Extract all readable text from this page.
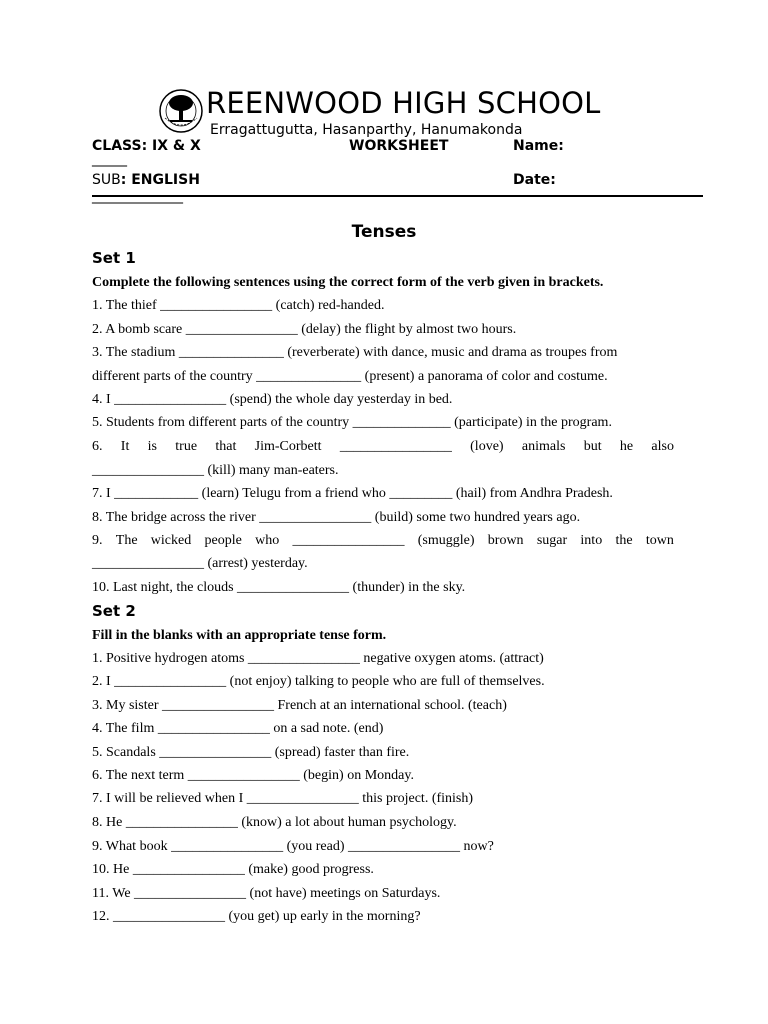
REENWOOD HIGH SCHOOL
Erragattugutta, Hasanparthy, Hanumakonda
CLASS: IX & X	WORKSHEET	Name:
_____
SUB: ENGLISH	Date:
_____________
Tenses
Set 1
Complete the following sentences using the correct form of the verb given in brackets.
1. The thief ________________ (catch) red-handed.
2. A bomb scare ________________ (delay) the flight by almost two hours.
3. The stadium _______________ (reverberate) with dance, music and drama as troupes from
different parts of the country _______________ (present) a panorama of color and costume.
4. I ________________ (spend) the whole day yesterday in bed.
5. Students from different parts of the country ______________ (participate) in the program.
6. It is true that Jim-Corbett ________________ (love) animals but he also
________________ (kill) many man-eaters.
7. I ____________ (learn) Telugu from a friend who _________ (hail) from Andhra Pradesh.
8. The bridge across the river ________________ (build) some two hundred years ago.
9. The wicked people who ________________ (smuggle) brown sugar into the town
________________ (arrest) yesterday.
10. Last night, the clouds ________________ (thunder) in the sky.
Set 2
Fill in the blanks with an appropriate tense form.
1. Positive hydrogen atoms ________________ negative oxygen atoms. (attract)
2. I ________________ (not enjoy) talking to people who are full of themselves.
3. My sister ________________ French at an international school. (teach)
4. The film ________________ on a sad note. (end)
5. Scandals ________________ (spread) faster than fire.
6. The next term ________________ (begin) on Monday.
7. I will be relieved when I ________________ this project. (finish)
8. He ________________ (know) a lot about human psychology.
9. What book ________________ (you read) ________________ now?
10. He ________________ (make) good progress.
11. We ________________ (not have) meetings on Saturdays.
12. ________________ (you get) up early in the morning?
